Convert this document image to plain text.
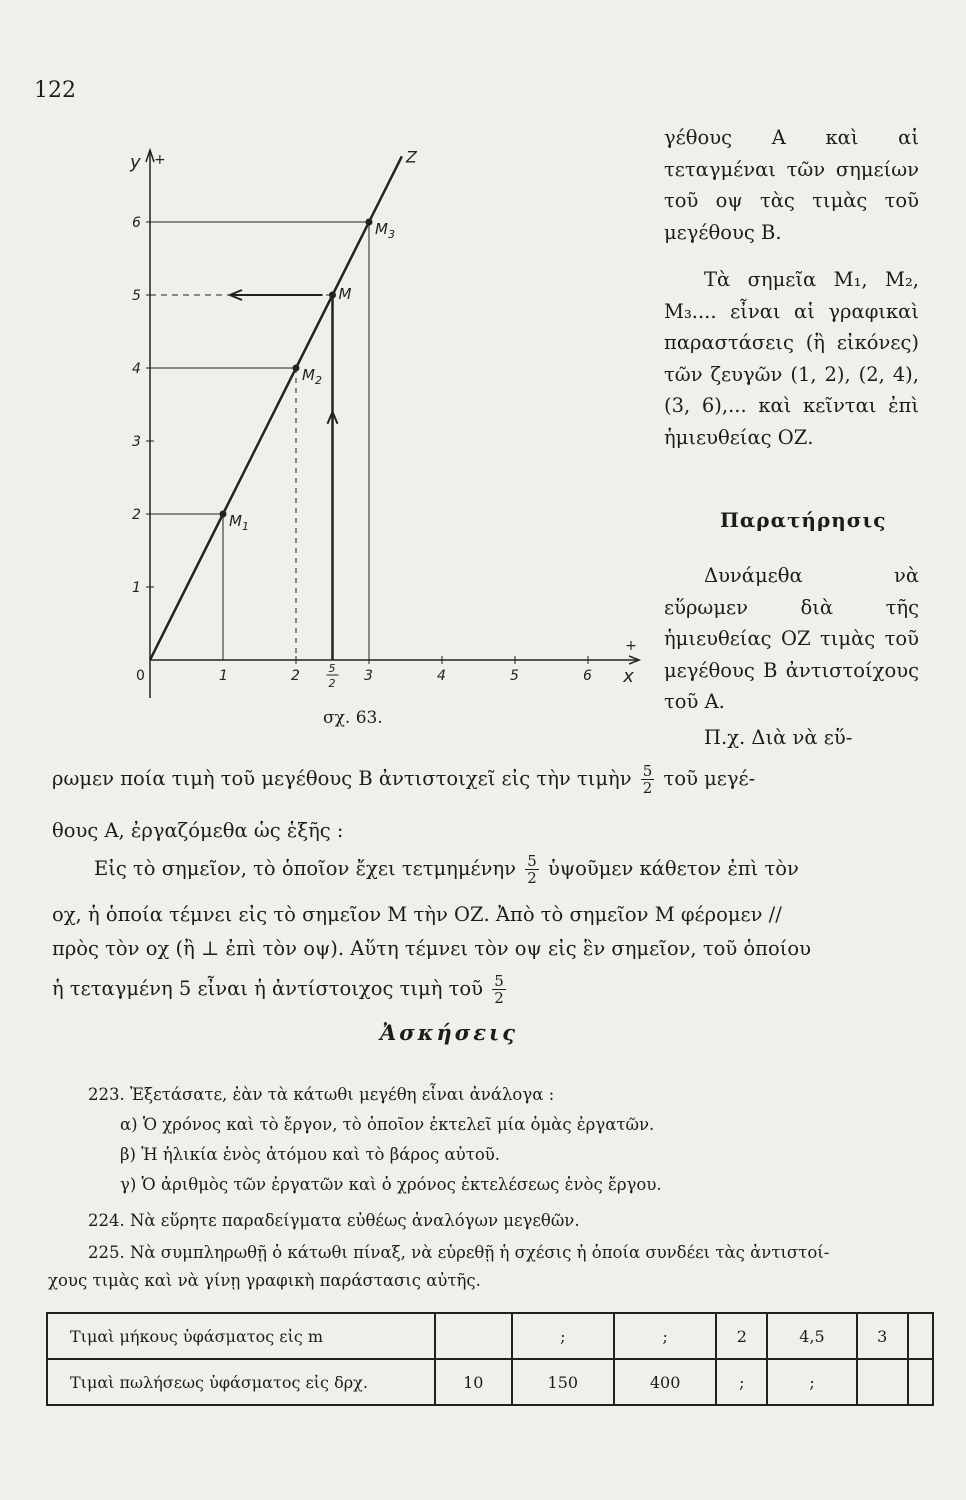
122
y +
x
+
0
1
2
3
4
5
6
1	2	3	4	5	6
5
2
Z
$M_1$
$M_2$
M
$M_3$
σχ. 63.

γέθους Α καὶ αἱ τεταγμέναι τῶν σημείων τοῦ οψ τὰς τιμὰς τοῦ μεγέθους Β.

Τὰ σημεῖα Μ₁, Μ₂, Μ₃.... εἶναι αἱ γραφικαὶ παραστάσεις (ἢ εἰκόνες) τῶν ζευγῶν (1, 2), (2, 4), (3, 6),... καὶ κεῖνται ἐπὶ ἡμιευθείας ΟΖ.

Παρατήρησις

Δυνάμεθα νὰ εὕρωμεν διὰ τῆς ἡμιευθείας ΟΖ τιμὰς τοῦ μεγέθους Β ἀντιστοίχους τοῦ Α.

Π.χ. Διὰ νὰ εὕ-

ρωμεν ποία τιμὴ τοῦ μεγέθους Β ἀντιστοιχεῖ εἰς τὴν τιμὴν $\frac{5}{2}$ τοῦ μεγέ-
θους Α, ἐργαζόμεθα ὡς ἑξῆς :
Εἰς τὸ σημεῖον, τὸ ὁποῖον ἔχει τετμημένην $\frac{5}{2}$ ὑψοῦμεν κάθετον ἐπὶ τὸν
οχ, ἡ ὁποία τέμνει εἰς τὸ σημεῖον Μ τὴν ΟΖ. Ἀπὸ τὸ σημεῖον Μ φέρομεν //
πρὸς τὸν οχ (ἢ ⊥ ἐπὶ τὸν οψ). Αὕτη τέμνει τὸν οψ εἰς ἓν σημεῖον, τοῦ ὁποίου
ἡ τεταγμένη 5 εἶναι ἡ ἀντίστοιχος τιμὴ τοῦ $\frac{5}{2}$
Ἀσκήσεις
223. Ἐξετάσατε, ἐὰν τὰ κάτωθι μεγέθη εἶναι ἀνάλογα :
α) Ὁ χρόνος καὶ τὸ ἔργον, τὸ ὁποῖον ἐκτελεῖ μία ὁμὰς ἐργατῶν.
β) Ἡ ἡλικία ἑνὸς ἀτόμου καὶ τὸ βάρος αὐτοῦ.
γ) Ὁ ἀριθμὸς τῶν ἐργατῶν καὶ ὁ χρόνος ἐκτελέσεως ἑνὸς ἔργου.
224. Νὰ εὕρητε παραδείγματα εὐθέως ἀναλόγων μεγεθῶν.
225. Νὰ συμπληρωθῇ ὁ κάτωθι πίναξ, νὰ εὑρεθῇ ἡ σχέσις ἡ ὁποία συνδέει τὰς ἀντιστοί-
χους τιμὰς καὶ νὰ γίνῃ γραφικὴ παράστασις αὐτῆς.
Τιμαὶ μήκους ὑφάσματος εἰς m		;	;	2	4,5	3	
Τιμαὶ πωλήσεως ὑφάσματος εἰς δρχ.	10	150	400	;	;		
